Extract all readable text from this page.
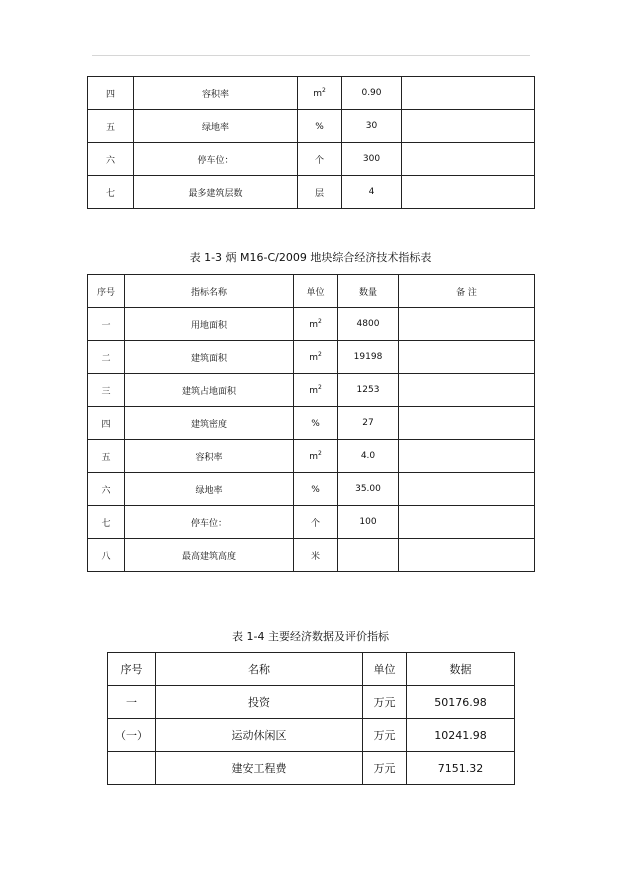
四	容积率	$m^2$	0.90	
五	绿地率	%	30	
六	停车位：	个	300	
七	最多建筑层数	层	4	
表 1-3 炳 M16-C/2009 地块综合经济技术指标表
序号	指标名称	单位	数量	备 注
一	用地面积	$m^2$	4800	
二	建筑面积	$m^2$	19198	
三	建筑占地面积	$m^2$	1253	
四	建筑密度	%	27	
五	容积率	$m^2$	4.0	
六	绿地率	%	35.00	
七	停车位：	个	100	
八	最高建筑高度	米		
表 1-4 主要经济数据及评价指标
序号	名称	单位	数据
一	投资	万元	50176.98
（一）	运动休闲区	万元	10241.98
	建安工程费	万元	7151.32
